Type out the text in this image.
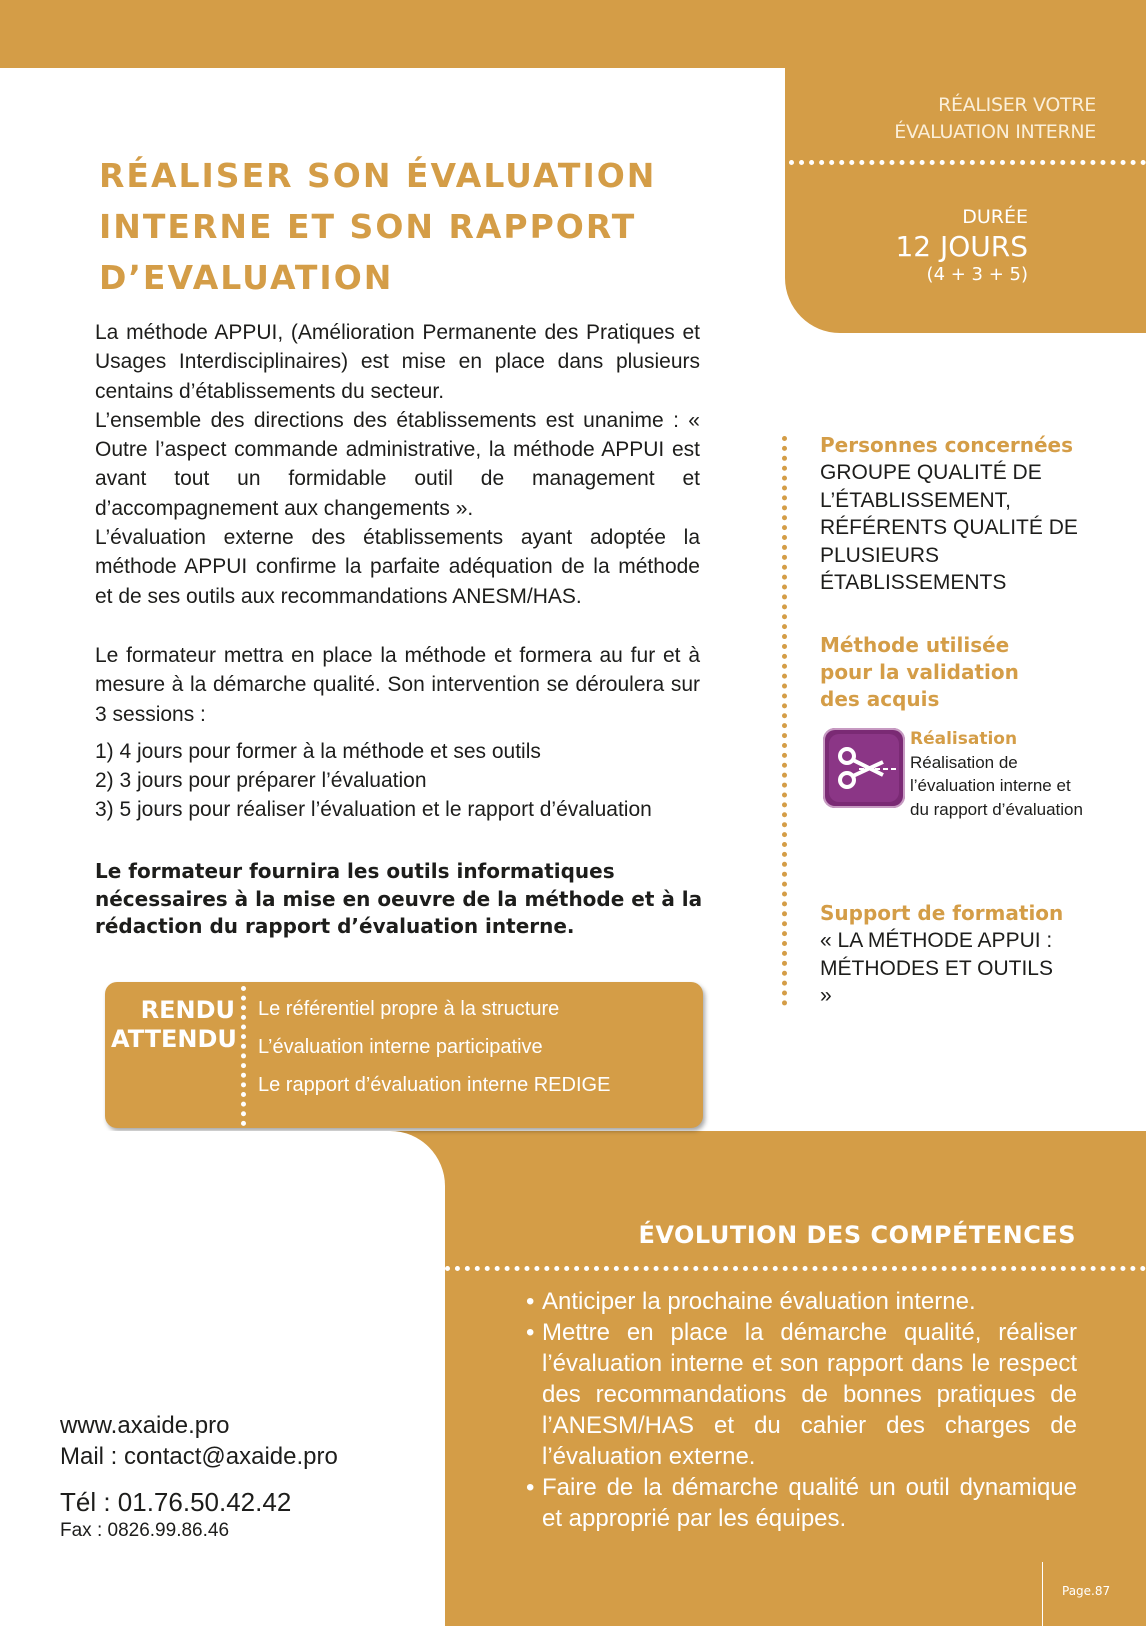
RÉALISER VOTRE
ÉVALUATION INTERNE
DURÉE
12 JOURS
(4 + 3 + 5)
RÉALISER SON ÉVALUATION
INTERNE ET SON RAPPORT
D’EVALUATION

La méthode APPUI, (Amélioration Permanente des Pratiques et Usages Interdisciplinaires) est mise en place dans plusieurs centains d’établissements du secteur.

L’ensemble des directions des établissements est unanime : « Outre l’aspect commande administrative, la méthode APPUI est avant tout un formidable outil de management et d’accompagnement aux changements ».

L’évaluation externe des établissements ayant adoptée la méthode APPUI confirme la parfaite adéquation de la méthode et de ses outils aux recommandations ANESM/HAS.

Le formateur mettra en place la méthode et formera au fur et à mesure à la démarche qualité. Son intervention se déroulera sur 3 sessions :

1) 4 jours pour former à la méthode et ses outils
2) 3 jours pour préparer l’évaluation
3) 5 jours pour réaliser l’évaluation et le rapport d’évaluation

Le formateur fournira les outils informatiques nécessaires à la mise en oeuvre de la méthode et à la rédaction du rapport d’évaluation interne.
RENDU
ATTENDU
Le référentiel propre à la structure
L’évaluation interne participative
Le rapport d’évaluation interne REDIGE
Personnes concernées
GROUPE QUALITÉ DE L’ÉTABLISSEMENT, RÉFÉRENTS QUALITÉ DE PLUSIEURS ÉTABLISSEMENTS
Méthode utilisée pour la validation des acquis
Réalisation
Réalisation de l’évaluation interne et du rapport d’évaluation
Support de formation
« LA MÉTHODE APPUI : MÉTHODES ET OUTILS »
ÉVOLUTION DES COMPÉTENCES
• Anticiper la prochaine évaluation interne.
• Mettre en place la démarche qualité, réaliser l’évaluation interne et son rapport dans le respect des recommandations de bonnes pratiques de l’ANESM/HAS et du cahier des charges de l’évaluation externe.
• Faire de la démarche qualité un outil dynamique et approprié par les équipes.
www.axaide.pro
Mail : contact@axaide.pro
Tél : 01.76.50.42.42
Fax : 0826.99.86.46
Page.87
